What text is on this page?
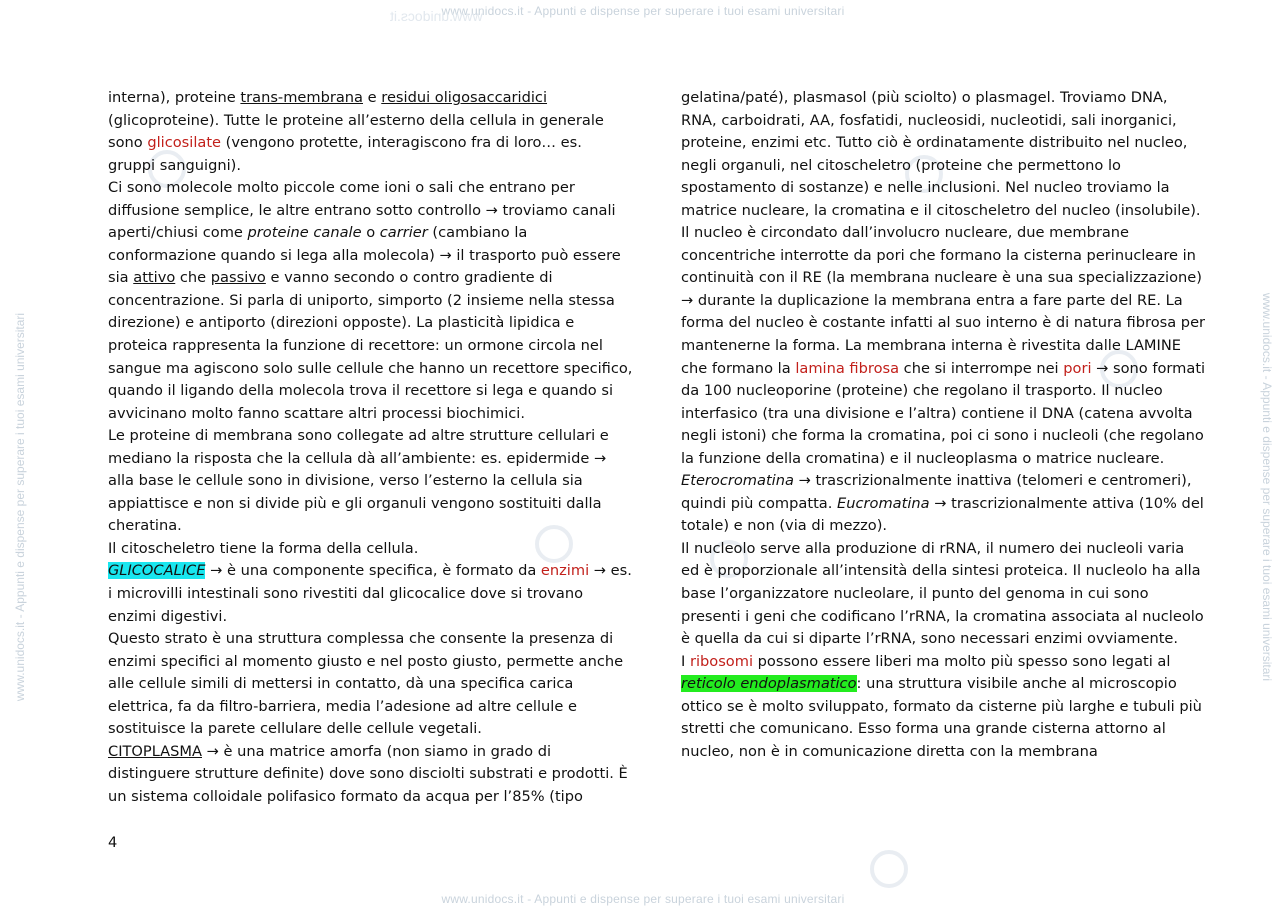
www.unidocs.it - Appunti e dispense per superare i tuoi esami universitari
www.unidocs.it
www.unidocs.it - Appunti e dispense per superare i tuoi esami universitari
www.unidocs.it - Appunti e dispense per superare i tuoi esami universitari	www.unidocs.it - Appunti e dispense per superare i tuoi esami universitari

interna), proteine trans-membrana e residui oligosaccaridici (glicoproteine). Tutte le proteine all’esterno della cellula in generale sono glicosilate (vengono protette, interagiscono fra di loro… es. gruppi sanguigni).

Ci sono molecole molto piccole come ioni o sali che entrano per diffusione semplice, le altre entrano sotto controllo → troviamo canali aperti/chiusi come proteine canale o carrier (cambiano la conformazione quando si lega alla molecola) → il trasporto può essere sia attivo che passivo e vanno secondo o contro gradiente di concentrazione. Si parla di uniporto, simporto (2 insieme nella stessa direzione) e antiporto (direzioni opposte). La plasticità lipidica e proteica rappresenta la funzione di recettore: un ormone circola nel sangue ma agiscono solo sulle cellule che hanno un recettore specifico, quando il ligando della molecola trova il recettore si lega e quando si avvicinano molto fanno scattare altri processi biochimici.

Le proteine di membrana sono collegate ad altre strutture cellulari e mediano la risposta che la cellula dà all’ambiente: es. epidermide → alla base le cellule sono in divisione, verso l’esterno la cellula sia appiattisce e non si divide più e gli organuli vengono sostituiti dalla cheratina.

Il citoscheletro tiene la forma della cellula.

GLICOCALICE → è una componente specifica, è formato da enzimi → es. i microvilli intestinali sono rivestiti dal glicocalice dove si trovano enzimi digestivi.

Questo strato è una struttura complessa che consente la presenza di enzimi specifici al momento giusto e nel posto giusto, permette anche alle cellule simili di mettersi in contatto, dà una specifica carica elettrica, fa da filtro-barriera, media l’adesione ad altre cellule e sostituisce la parete cellulare delle cellule vegetali.

CITOPLASMA → è una matrice amorfa (non siamo in grado di distinguere strutture definite) dove sono disciolti substrati e prodotti. È un sistema colloidale polifasico formato da acqua per l’85% (tipo

gelatina/paté), plasmasol (più sciolto) o plasmagel. Troviamo DNA, RNA, carboidrati, AA, fosfatidi, nucleosidi, nucleotidi, sali inorganici, proteine, enzimi etc. Tutto ciò è ordinatamente distribuito nel nucleo, negli organuli, nel citoscheletro (proteine che permettono lo spostamento di sostanze) e nelle inclusioni. Nel nucleo troviamo la matrice nucleare, la cromatina e il citoscheletro del nucleo (insolubile). Il nucleo è circondato dall’involucro nucleare, due membrane concentriche interrotte da pori che formano la cisterna perinucleare in continuità con il RE (la membrana nucleare è una sua specializzazione) → durante la duplicazione la membrana entra a fare parte del RE. La forma del nucleo è costante infatti al suo interno è di natura fibrosa per mantenerne la forma. La membrana interna è rivestita dalle LAMINE che formano la lamina fibrosa che si interrompe nei pori → sono formati da 100 nucleoporine (proteine) che regolano il trasporto. Il nucleo interfasico (tra una divisione e l’altra) contiene il DNA (catena avvolta negli istoni) che forma la cromatina, poi ci sono i nucleoli (che regolano la funzione della cromatina) e il nucleoplasma o matrice nucleare.

Eterocromatina → trascrizionalmente inattiva (telomeri e centromeri), quindi più compatta. Eucromatina → trascrizionalmente attiva (10% del totale) e non (via di mezzo).

Il nucleolo serve alla produzione di rRNA, il numero dei nucleoli varia ed è proporzionale all’intensità della sintesi proteica. Il nucleolo ha alla base l’organizzatore nucleolare, il punto del genoma in cui sono presenti i geni che codificano l’rRNA, la cromatina associata al nucleolo è quella da cui si diparte l’rRNA, sono necessari enzimi ovviamente.

I ribosomi possono essere liberi ma molto più spesso sono legati al reticolo endoplasmatico: una struttura visibile anche al microscopio ottico se è molto sviluppato, formato da cisterne più larghe e tubuli più stretti che comunicano. Esso forma una grande cisterna attorno al nucleo, non è in comunicazione diretta con la membrana

4
